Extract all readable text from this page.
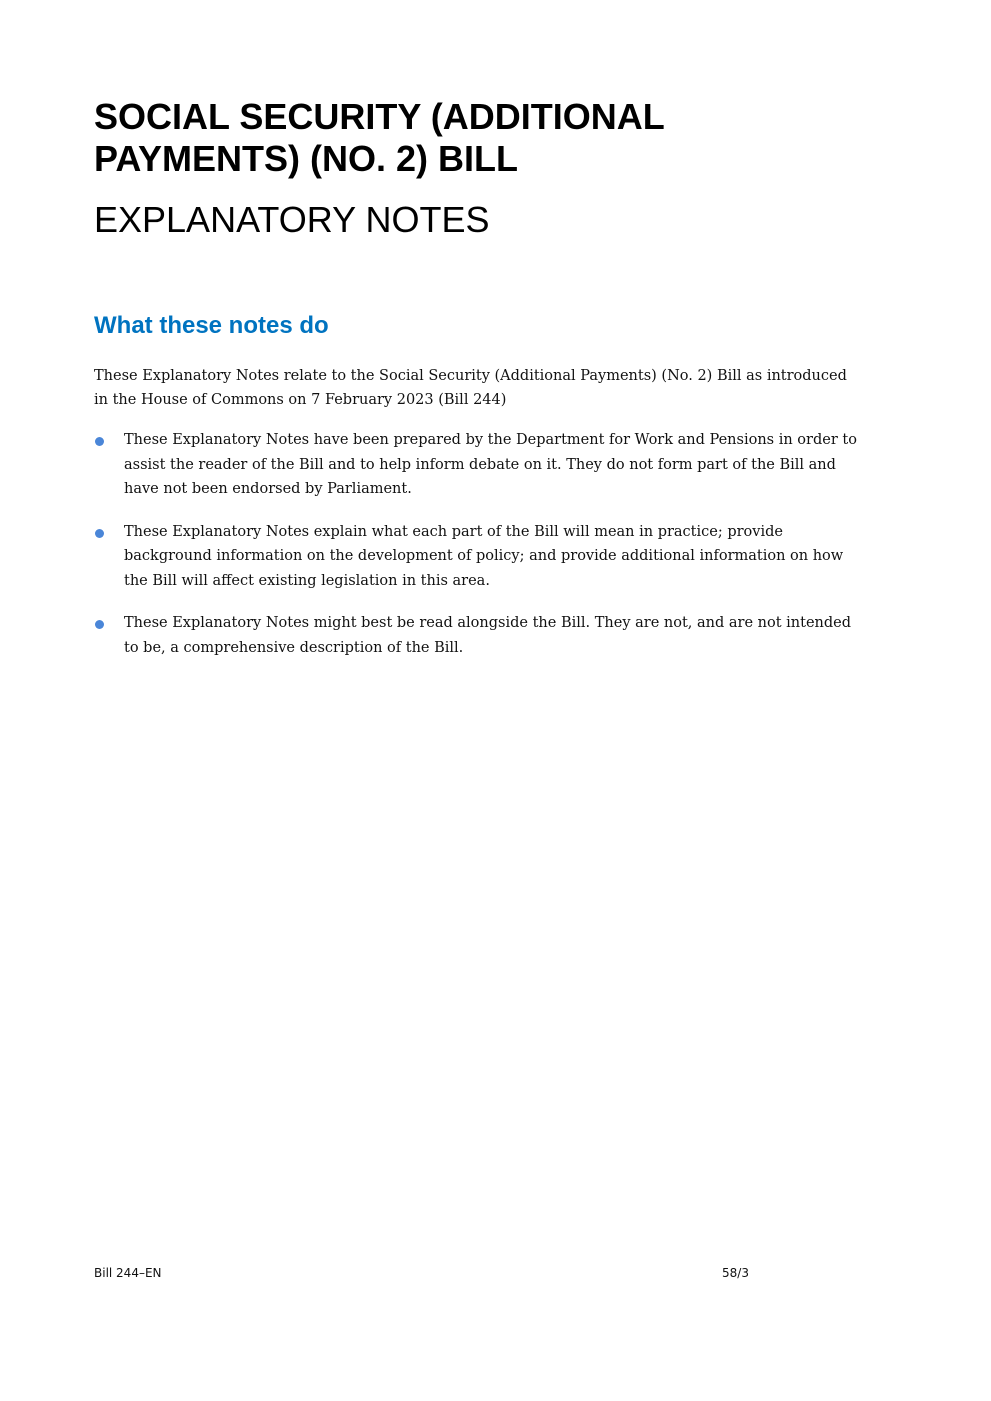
SOCIAL SECURITY (ADDITIONAL PAYMENTS) (NO. 2) BILL
EXPLANATORY NOTES
What these notes do

These Explanatory Notes relate to the Social Security (Additional Payments) (No. 2) Bill as introduced in the House of Commons on 7 February 2023 (Bill 244)

These Explanatory Notes have been prepared by the Department for Work and Pensions in order to assist the reader of the Bill and to help inform debate on it. They do not form part of the Bill and have not been endorsed by Parliament.
These Explanatory Notes explain what each part of the Bill will mean in practice; provide background information on the development of policy; and provide additional information on how the Bill will affect existing legislation in this area.
These Explanatory Notes might best be read alongside the Bill. They are not, and are not intended to be, a comprehensive description of the Bill.
Bill 244–EN	58/3
